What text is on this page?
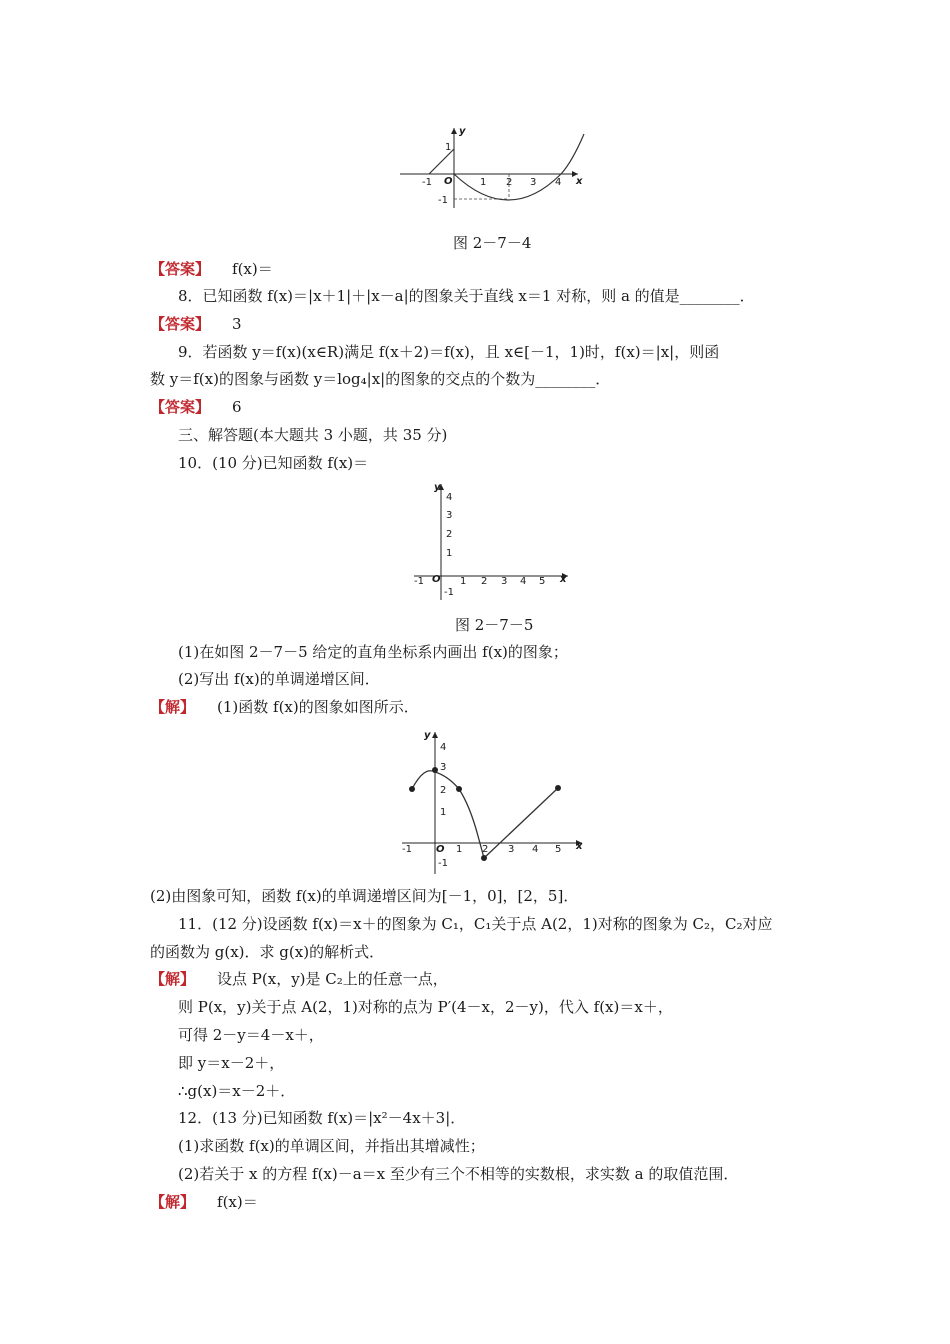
y
x
O
-1	1 2 3 4
1
-1
图 2－7－4
【答案】 f(x)＝
8．已知函数 f(x)＝|x＋1|＋|x－a|的图象关于直线 x＝1 对称，则 a 的值是________．
【答案】 3
9．若函数 y＝f(x)(x∈R)满足 f(x＋2)＝f(x)，且 x∈[－1，1)时，f(x)＝|x|，则函
数 y＝f(x)的图象与函数 y＝log₄|x|的图象的交点的个数为________．
【答案】 6
三、解答题(本大题共 3 小题，共 35 分)
10．(10 分)已知函数 f(x)＝
y
x
O
-1	1 2 3 4 5
4
3
2
1
-1
图 2－7－5
(1)在如图 2－7－5 给定的直角坐标系内画出 f(x)的图象；
(2)写出 f(x)的单调递增区间．
【解】 (1)函数 f(x)的图象如图所示．
y
x
O
-1	1 2 3 4 5
4
3
2
1
-1
(2)由图象可知，函数 f(x)的单调递增区间为[－1，0]，[2，5]．
11．(12 分)设函数 f(x)＝x＋的图象为 C₁，C₁关于点 A(2，1)对称的图象为 C₂，C₂对应
的函数为 g(x)．求 g(x)的解析式．
【解】 设点 P(x，y)是 C₂上的任意一点，
则 P(x，y)关于点 A(2，1)对称的点为 P′(4－x，2－y)，代入 f(x)＝x＋，
可得 2－y＝4－x＋，
即 y＝x－2＋，
∴g(x)＝x－2＋．
12．(13 分)已知函数 f(x)＝|x²－4x＋3|．
(1)求函数 f(x)的单调区间，并指出其增减性；
(2)若关于 x 的方程 f(x)－a＝x 至少有三个不相等的实数根，求实数 a 的取值范围．
【解】 f(x)＝
